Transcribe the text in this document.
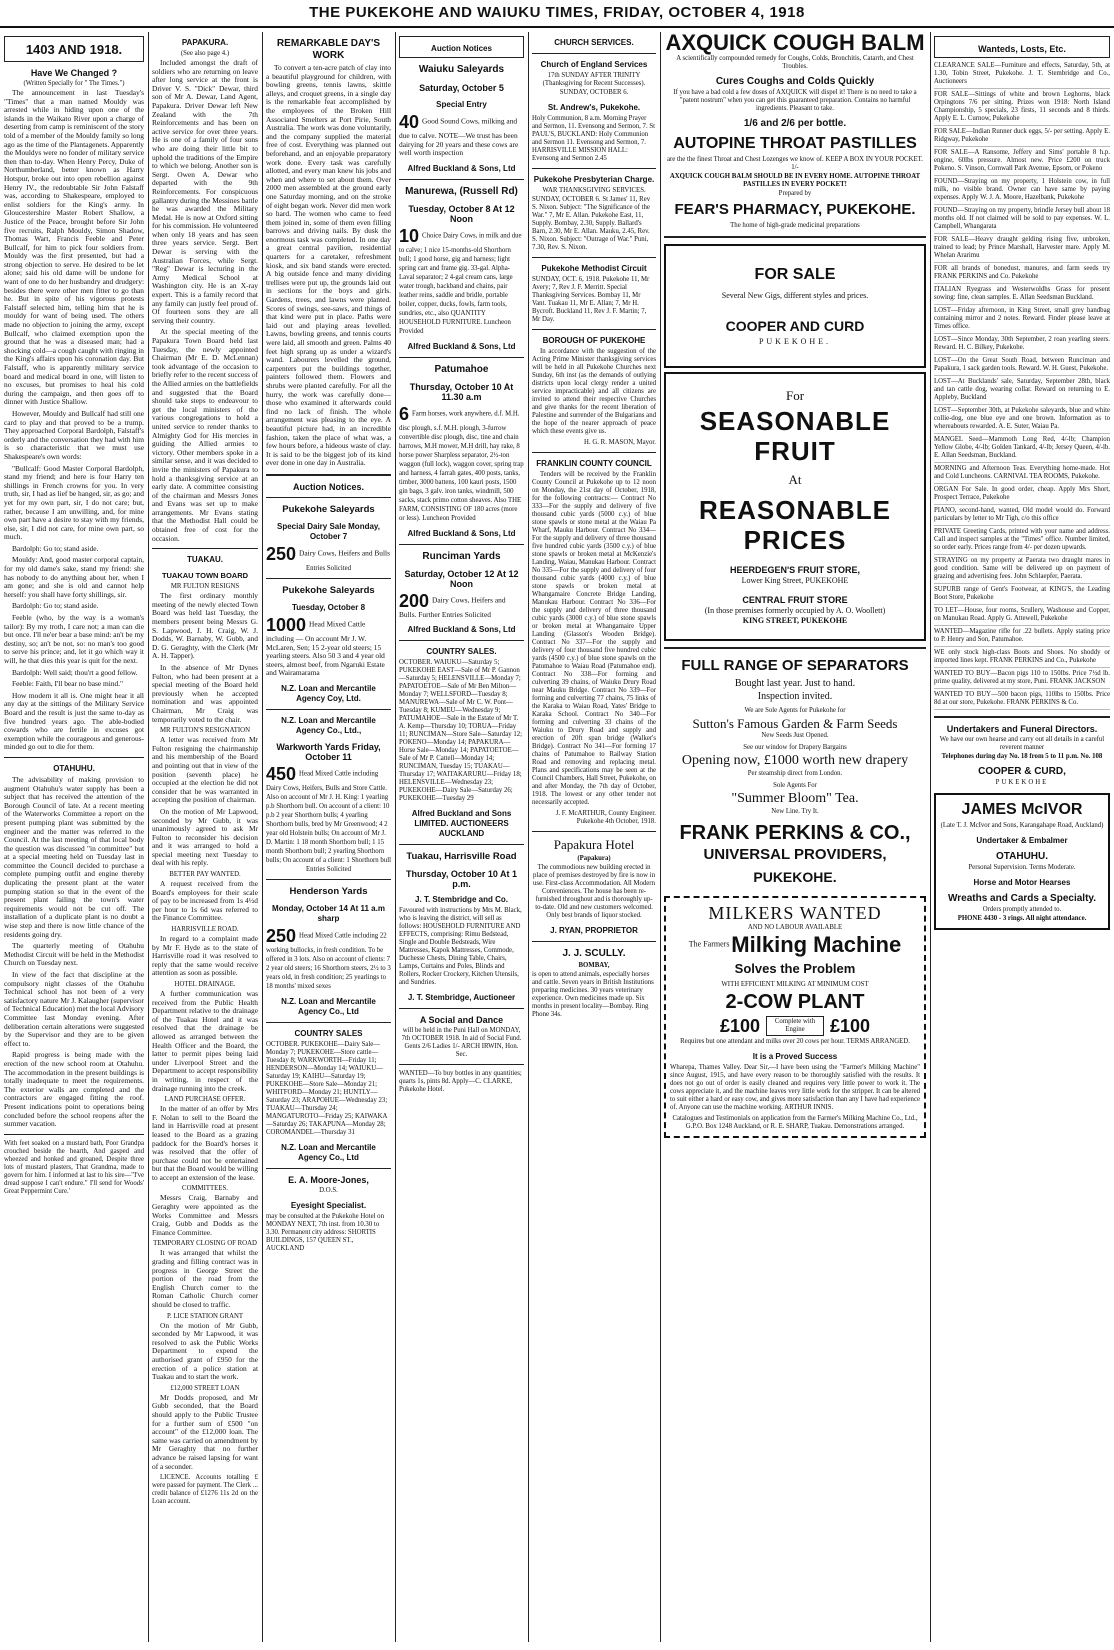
THE PUKEKOHE AND WAIUKU TIMES, FRIDAY, OCTOBER 4, 1918
1403 AND 1918.
Have We Changed ?
(Written Specially for " The Times.")
The announcement in last Tuesday's "Times" that a man named Mouldy was arrested while in hiding upon one of the islands in the Waikato River upon a charge of deserting from camp is reminiscent of the story told of a member of the Mouldy family so long ago as the time of the Plantagenets. Apparently the Mouldys were no fonder of military service then than to-day. When Henry Percy, Duke of Northumberland, better known as Harry Hotspur, broke out into open rebellion against Henry IV., the redoubtable Sir John Falstaff was, according to Shakespeare, employed to enlist soldiers for the King's army. In Gloucestershire Master Robert Shallow, a Justice of the Peace, brought before Sir John five recruits, Ralph Mouldy, Simon Shadow, Thomas Wart, Francis Feeble and Peter Bullcalf, for him to pick four soldiers from. Mouldy was the first presented, but had a strong objection to serve. He desired to be let alone; said his old dame will be undone for want of one to do her husbandry and drudgery: besides there were other men fitter to go than he. But in spite of his vigorous protests Falstaff selected him, telling him that he is mouldy for want of being used. The others made no objection to joining the army, except Bullcalf, who claimed exemption upon the ground that he was a diseased man; had a shocking cold—a cough caught with ringing in the King's affairs upon his coronation day. But Falstaff, who is apparently military service board and medical board in one, will listen to no excuses, but promises to heal his cold during the campaign, and then goes off to dinner with Justice Shallow.
However, Mouldy and Bullcalf had still one card to play and that proved to be a trump. They approached Corporal Bardolph, Falstaff's orderly and the conversation they had with him is so characteristic that we must use Shakespeare's own words:
"Bullcalf: Good Master Corporal Bardolph, stand my friend; and here is four Harry ten shillings in French crowns for you. In very truth, sir, I had as lief be hanged, sir, as go; and yet for my own part, sir, I do not care; but, rather, because I am unwilling, and, for mine own part have a desire to stay with my friends, else, sir, I did not care, for mine own part, so much.
Bardolph: Go to; stand aside.
Mouldy: And, good master corporal captain, for my old dame's sake, stand my friend: she has nobody to do anything about her, when I am gone; and she is old and cannot help herself: you shall have forty shillings, sir.
Bardolph: Go to; stand aside.
Feeble (who, by the way is a woman's tailor): By my troth, I care not; a man can die but once. I'll ne'er bear a base mind: an't be my destiny, so; an't be not, so: no man's too good to serve his prince; and, let it go which way it will, he that dies this year is quit for the next.
Bardolph: Well said; thou'rt a good fellow.
Feeble: Faith, I'll bear no base mind."
How modern it all is. One might hear it all any day at the sittings of the Military Service Board and the result is just the same to-day as five hundred years ago. The able-bodied cowards who are fertile in excuses got exemption while the courageous and generous-minded go out to die for them.
OTAHUHU.
The advisability of making provision to augment Otahuhu's water supply has been a subject that has received the attention of the Borough Council of late. At a recent meeting of the Waterworks Committee a report on the present pumping plant was submitted by the engineer and the matter was referred to the Council. At the last meeting of that local body the question was discussed "in committee" but at a special meeting held on Tuesday last in committee the Council decided to purchase a complete pumping outfit and engine thereby duplicating the present plant at the water pumping station so that in the event of the present plant failing the town's water requirements would not be cut off. The installation of a duplicate plant is no doubt a wise step and there is now little chance of the residents going dry.
The quarterly meeting of Otahuhu Methodist Circuit will be held in the Methodist Church on Tuesday next.
In view of the fact that discipline at the compulsory night classes of the Otahuhu Technical school has not been of a very satisfactory nature Mr J. Kalaugher (supervisor of Technical Education) met the local Advisory Committee last Monday evening. After deliberation certain alterations were suggested by the Supervisor and they are to be given effect to.
Rapid progress is being made with the erection of the new school room at Otahuhu. The accommodation in the present buildings is totally inadequate to meet the requirements. The exterior walls are completed and the contractors are engaged fitting the roof. Present indications point to operations being concluded before the school reopens after the summer vacation.
With feet soaked on a mustard bath, Poor Grandpa crouched beside the hearth, And gasped and wheezed and honked and groaned, Despite three lots of mustard plasters, That Grandma, made to govern for him. I informed at last to his sire—"I've dread suppose I can't endure." I'll send for Woods' Great Peppermint Cure.'
PAPAKURA.
(See also page 4.)
Included amongst the draft of soldiers who are returning on leave after long service at the front is Driver V. S. "Dick" Dewar, third son of Mr A. Dewar, Land Agent, Papakura. Driver Dewar left New Zealand with the 7th Reinforcements and has been on active service for over three years. He is one of a family of four sons who are doing their little bit to uphold the traditions of the Empire to which we belong. Another son is Sergt. Owen A. Dewar who departed with the 9th Reinforcements. For conspicuous gallantry during the Messines battle he was awarded the Military Medal. He is now at Oxford sitting for his commission. He volunteered when only 18 years and has seen three years service. Sergt. Bert Dewar is serving with the Australian Forces, while Sergt. "Reg" Dewar is lecturing in the Army Medical School at Washington city. He is an X-ray expert. This is a family record that any family can justly feel proud of. Of fourteen sons they are all serving their country.
At the special meeting of the Papakura Town Board held last Tuesday, the newly appointed Chairman (Mr E. D. McLennan) took advantage of the occasion to briefly refer to the recent success of the Allied armies on the battlefields and suggested that the Board should take steps to endeavour to get the local ministers of the various congregations to hold a united service to render thanks to Almighty God for His mercies in guiding the Allied armies to victory. Other members spoke in a similar sense, and it was decided to invite the ministers of Papakura to hold a thanksgiving service at an early date. A committee consisting of the chairman and Messrs Jones and Evans was set up to make arrangements. Mr Evans stating that the Methodist Hall could be obtained free of cost for the occasion.
TUAKAU.
TUAKAU TOWN BOARD
MR FULTON RESIGNS
The first ordinary monthly meeting of the newly elected Town Board was held last Tuesday, the members present being Messrs G. S. Lapwood, J. H. Craig, W. J. Dodds, W. Barnaby, W. Gubb, and D. G. Geraghty, with the Clerk (Mr A. H. Tapper).
In the absence of Mr Dynes Fulton, who had been present at a special meeting of the Board held previously when he accepted nomination and was appointed Chairman, Mr Craig was temporarily voted to the chair.
MR FULTON'S RESIGNATION
A letter was received from Mr Fulton resigning the chairmanship and his membership of the Board and pointing out that in view of the position (seventh place) he occupied at the election he did not consider that he was warranted in accepting the position of chairman.
On the motion of Mr Lapwood, seconded by Mr Gubb, it was unanimously agreed to ask Mr Fulton to reconsider his decision and it was arranged to hold a special meeting next Tuesday to deal with his reply.
BETTER PAY WANTED.
A request received from the Board's employees for their scale of pay to be increased from 1s 4½d per hour to 1s 6d was referred to the Finance Committee.
HARRISVILLE ROAD.
In regard to a complaint made by Mr F. Hyde as to the state of Harrisville road it was resolved to reply that the same would receive attention as soon as possible.
HOTEL DRAINAGE.
A further communication was received from the Public Health Department relative to the drainage of the Tuakau Hotel and it was resolved that the drainage be allowed as arranged between the Health Officer and the Board, the latter to permit pipes being laid under Liverpool Street and the Department to accept responsibility in writing, in respect of the drainage running into the creek.
LAND PURCHASE OFFER.
In the matter of an offer by Mrs F. Nolan to sell to the Board the land in Harrisville road at present leased to the Board as a grazing paddock for the Board's horses it was resolved that the offer of purchase could not be entertained but that the Board would be willing to accept an extension of the lease.
COMMITTEES.
Messrs Craig, Barnaby and Geraghty were appointed as the Works Committee and Messrs Craig, Gubb and Dodds as the Finance Committee.
TEMPORARY CLOSING OF ROAD
It was arranged that whilst the grading and filling contract was in progress in George Street the portion of the road from the English Church corner to the Roman Catholic Church corner should be closed to traffic.
P. LICE STATION GRANT
On the motion of Mr Gubb, seconded by Mr Lapwood, it was resolved to ask the Public Works Department to expend the authorised grant of £950 for the erection of a police station at Tuakau and to start the work.
£12,000 STREET LOAN
Mr Dodds proposed, and Mr Gubb seconded, that the Board should apply to the Public Trustee for a further sum of £500 "on account" of the £12,000 loan. The same was carried on amendment by Mr Geraghty that no further advance be raised lapsing for want of a seconder.
LICENCE. Accounts totalling £ were passed for payment. The Clerk ... credit balance of £1276 11s 2d on the Loan account.
REMARKABLE DAY'S WORK
To convert a ten-acre patch of clay into a beautiful playground for children, with bowling greens, tennis lawns, skittle alleys, and croquet greens, in a single day is the remarkable feat accomplished by the employees of the Broken Hill Associated Smelters at Port Pirie, South Australia. The work was done voluntarily, and the company supplied the material free of cost. Everything was planned out beforehand, and an enjoyable preparatory work done. Every task was carefully allotted, and every man knew his jobs and when and where to set about them. Over 2000 men assembled at the ground early one Saturday morning, and on the stroke of eight began work. Never did men work so hard. The women who came to feed them joined in, some of them even filling barrows and driving nails. By dusk the enormous task was completed. In one day a great central pavilion, residential quarters for a caretaker, refreshment kiosk, and six band stands were erected. A big outside fence and many dividing trellises were put up, the grounds laid out in sections for the boys and girls. Gardens, trees, and lawns were planted. Scores of swings, see-saws, and things of that kind were put in place. Paths were laid out and playing areas levelled. Lawns, bowling greens, and tennis courts were laid, all smooth and green. Palms 40 feet high sprang up as under a wizard's wand. Labourers levelled the ground, carpenters put the buildings together, painters followed them. Flowers and shrubs were planted carefully. For all the hurry, the work was carefully done—those who examined it afterwards could find no lack of finish. The whole arrangement was pleasing to the eye. A beautiful picture had, in an incredible fashion, taken the place of what was, a few hours before, a hideous waste of clay. It is said to be the biggest job of its kind ever done in one day in Australia.
Auction Notices.
Pukekohe Saleyards
Special Dairy Sale Monday, October 7
250 Dairy Cows, Heifers and Bulls
Entries Solicited
Pukekohe Saleyards
Tuesday, October 8
1000 Head Mixed Cattle including — On account Mr J. W. McLaren, Sen; 15 2-year old steers; 15 yearling steers. Also 50 3 and 4 year old steers, almost beef, from Ngaruki Estate and Wairamarama
N.Z. Loan and Mercantile Agency Coy, Ltd.
N.Z. Loan and Mercantile Agency Co., Ltd.,
Warkworth Yards Friday, October 11
450 Head Mixed Cattle including Dairy Cows, Heifers, Bulls and Store Cattle. Also on account of Mr J. H. King: 1 yearling p.b Shorthorn bull. On account of a client: 10 p.b 2 year Shorthorn bulls; 4 yearling Shorthorn bulls, bred by Mr Greenwood; 4 2 year old Holstein bulls; On account of Mr J. D. Martin: 1 18 month Shorthorn bull; 1 15 month Shorthorn bull; 2 yearling Shorthorn bulls; On account of a client: 1 Shorthorn bull
Entries Solicited
Henderson Yards
Monday, October 14 At 11 a.m sharp
250 Head Mixed Cattle including 22 working bullocks, in fresh condition. To be offered in 3 lots. Also on account of clients: 7 2 year old steers; 16 Shorthorn steers, 2½ to 3 years old, in fresh condition; 25 yearlings to 18 months' mixed sexes
N.Z. Loan and Mercantile Agency Co., Ltd
COUNTRY SALES
OCTOBER. PUKEKOHE—Dairy Sale—Monday 7; PUKEKOHE—Store cattle—Tuesday 8; WARKWORTH—Friday 11; HENDERSON—Monday 14; WAIUKU—Saturday 19; KAIHU—Saturday 19; PUKEKOHE—Store Sale—Monday 21; WHITFORD—Monday 21; HUNTLY—Saturday 23; ARAPOHUE—Wednesday 23; TUAKAU—Thursday 24; MANGATUROTO—Friday 25; KAIWAKA—Saturday 26; TAKAPUNA—Monday 28; COROMANDEL—Thursday 31
N.Z. Loan and Mercantile Agency Co., Ltd
E. A. Moore-Jones,
D.O.S.
Eyesight Specialist.
may be consulted at the Pukekohe Hotel on MONDAY NEXT, 7th inst. from 10.30 to 3.30. Permanent city address: SHORTIS BUILDINGS, 157 QUEEN ST., AUCKLAND
Auction Notices
Waiuku Saleyards
Saturday, October 5
Special Entry
40 Good Sound Cows, milking and due to calve. NOTE—We trust has been dairying for 20 years and these cows are well worth inspection
Alfred Buckland & Sons, Ltd
Manurewa, (Russell Rd)
Tuesday, October 8 At 12 Noon
10 Choice Dairy Cows, in milk and due to calve; 1 nice 15-months-old Shorthorn bull; 1 good horse, gig and harness; light spring cart and frame gig. 33-gal. Alpha-Laval separator; 2 4-gal cream cans, large water trough, backband and chains, pair leather reins, saddle and bridle, portable boiler, copper, ducks, fowls, farm tools, sundries, etc., also QUANTITY HOUSEHOLD FURNITURE. Luncheon Provided
Alfred Buckland & Sons, Ltd
Patumahoe
Thursday, October 10 At 11.30 a.m
6 Farm horses, work anywhere, d.f. M.H. disc plough, s.f. M.H. plough, 3-furrow convertible disc plough, disc, tine and chain harrows, M.H mower, M.H drill, hay rake, 8 horse power Sharpless separator, 2½-ton waggon (full lock), waggon cover, spring trap and harness, 4 farrah gates, 400 posts, tanks, timber, 3000 battens, 100 kauri posts, 1500 gin bags, 3 galv. iron tanks, windmill, 500 sacks, stack primo cotton sheaves. Also THE FARM, CONSISTING OF 180 acres (more or less). Luncheon Provided
Alfred Buckland & Sons, Ltd
Runciman Yards
Saturday, October 12 At 12 Noon
200 Dairy Cows, Heifers and Bulls. Further Entries Solicited
Alfred Buckland & Sons, Ltd
COUNTRY SALES.
OCTOBER. WAIUKU—Saturday 5; PUKEKOHE EAST—Sale of Mr P. Gannon—Saturday 5; HELENSVILLE—Monday 7; PAPATOETOE—Sale of Mr Ben Milton—Monday 7; WELLSFORD—Tuesday 8; MANUREWA—Sale of Mr C. W. Pont—Tuesday 8; KUMEU—Wednesday 9; PATUMAHOE—Sale in the Estate of Mr T. A. Kemp—Thursday 10; TORUA—Friday 11; RUNCIMAN—Store Sale—Saturday 12; POKENO—Monday 14; PAPAKURA—Horse Sale—Monday 14; PAPATOETOE—Sale of Mr P. Cattell—Monday 14; RUNCIMAN, Tuesday 15; TUAKAU—Thursday 17; WAITAKARURU—Friday 18; HELENSVILLE—Wednesday 23; PUKEKOHE—Dairy Sale—Saturday 26; PUKEKOHE—Tuesday 29
Alfred Buckland and Sons LIMITED. AUCTIONEERS AUCKLAND
Tuakau, Harrisville Road
Thursday, October 10 At 1 p.m.
J. T. Stembridge and Co.
Favoured with instructions by Mrs M. Black, who is leaving the district, will sell as follows: HOUSEHOLD FURNITURE AND EFFECTS, comprising: Rimu Bedstead, Single and Double Bedsteads, Wire Mattresses, Kapok Mattresses, Commode, Duchesse Chests, Dining Table, Chairs, Lamps, Curtains and Poles, Blinds and Rollers, Rocker Crockery, Kitchen Utensils, and Sundries.
J. T. Stembridge, Auctioneer
A Social and Dance
will be held in the Puni Hall on MONDAY, 7th OCTOBER 1918. In aid of Social Fund. Gents 2/6 Ladies 1/- ARCH IRWIN, Hon. Sec.
WANTED—To buy bottles in any quantities; quarts 1s, pints 8d. Apply—C. CLARKE, Pukekohe Hotel.
CHURCH SERVICES.
Church of England Services
17th SUNDAY AFTER TRINITY (Thanksgiving for Recent Successes).
SUNDAY, OCTOBER 6.
St. Andrew's, Pukekohe.
Holy Communion, 8 a.m. Morning Prayer and Sermon, 11. Evensong and Sermon, 7. St PAUL'S, BUCKLAND: Holy Communion and Sermon 11. Evensong and Sermon, 7. HARRISVILLE MISSION HALL: Evensong and Sermon 2.45
Pukekohe Presbyterian Charge.
WAR THANKSGIVING SERVICES.
SUNDAY, OCTOBER 6. St James' 11, Rev S. Nixon. Subject: "The Significance of the War." 7, Mr E. Allan. Pukekohe East, 11, Supply. Bombay, 2.30, Supply. Ballard's Barn, 2.30, Mr E. Allan. Mauku, 2.45, Rev. S. Nixon. Subject: "Outrage of War." Puni, 7.30, Rev. S. Nixon.
Pukekohe Methodist Circuit
SUNDAY, OCT. 6, 1918. Pukekohe 11, Mr Avery; 7, Rev J. F. Merritt. Special Thanksgiving Services. Bombay 11, Mr Vant. Tuakau 11, Mr E. Allan; 7, Mr H. Bycroft. Buckland 11, Rev J. F. Martin; 7, Mr Day.
BOROUGH OF PUKEKOHE
In accordance with the suggestion of the Acting Prime Minister thanksgiving services will be held in all Pukekohe Churches next Sunday, 6th inst (as the demands of outlying districts upon local clergy render a united service impracticable) and all citizens are invited to attend their respective Churches and give thanks for the recent liberation of Palestine and surrender of the Bulgarians and the hope of the nearer approach of peace which these events give us.
H. G. R. MASON, Mayor.
FRANKLIN COUNTY COUNCIL
Tenders will be received by the Franklin County Council at Pukekohe up to 12 noon on Monday, the 21st day of October, 1918, for the following contracts:— Contract No 333—For the supply and delivery of five thousand cubic yards (5000 c.y.) of blue stone spawls or stone metal at the Waiau Pa Wharf, Mauku Harbour. Contract No 334—For the supply and delivery of three thousand five hundred cubic yards (3500 c.y.) of blue stone spawls or broken metal at McKenzie's Landing, Waiau, Manukau Harbour. Contract No 335—For the supply and delivery of four thousand cubic yards (4000 c.y.) of blue stone spawls or broken metal at Whangamaire Concrete Bridge Landing, Manukau Harbour. Contract No 336—For the supply and delivery of three thousand cubic yards (3000 c.y.) of blue stone spawls or broken metal at Whangamaire Upper Landing (Glasson's Wooden Bridge). Contract No 337—For the supply and delivery of four thousand five hundred cubic yards (4500 c.y.) of blue stone spawls on the Patumahoe to Waiau Road (Patumahoe end). Contract No 338—For forming and culverting 39 chains, of Waiuku Drury Road near Mauku Bridge. Contract No 339—For forming and culverting 77 chains, 75 links of the Karaka to Waiau Road, Yates' Bridge to Karaka School. Contract No 340—For forming and culverting 33 chains of the Waiuku to Drury Road and supply and erection of 20ft span bridge (Walker's Bridge). Contract No 341—For forming 17 chains of Patumahoe to Railway Station Road and removing and replacing metal. Plans and specifications may be seen at the Council Chambers, Hall Street, Pukekohe, on and after Monday, the 7th day of October, 1918. The lowest or any other tender not necessarily accepted.
J. F. McARTHUR, County Engineer. Pukekohe 4th October, 1918.
Papakura Hotel
(Papakura)
The commodious new building erected in place of premises destroyed by fire is now in use. First-class Accommodation. All Modern Conveniences. The house has been re-furnished throughout and is thoroughly up-to-date. Old and new customers welcomed. Only best brands of liquor stocked.
J. RYAN, PROPRIETOR
J. J. SCULLY.
BOMBAY,
is open to attend animals, especially horses and cattle. Seven years in British Institutions preparing medicines. 30 years veterinary experience. Own medicines made up. Six months in present locality—Bombay. Ring Phone 34s.
AXQUICK COUGH BALM
A scientifically compounded remedy for Coughs, Colds, Bronchitis, Catarrh, and Chest Troubles.
Cures Coughs and Colds Quickly
If you have a bad cold a few doses of AXQUICK will dispel it! There is no need to take a "patent nostrum" when you can get this guaranteed preparation. Contains no harmful ingredients. Pleasant to take.
1/6 and 2/6 per bottle.
AUTOPINE THROAT PASTILLES
are the the finest Throat and Chest Lozenges we know of. KEEP A BOX IN YOUR POCKET. 1/-
AXQUICK COUGH BALM SHOULD BE IN EVERY HOME. AUTOPINE THROAT PASTILLES IN EVERY POCKET!
Prepared by
FEAR'S PHARMACY, PUKEKOHE.
The home of high-grade medicinal preparations
FOR SALE
Several New Gigs, different styles and prices.
COOPER AND CURD
PUKEKOHE.
For
SEASONABLE
FRUIT
At
REASONABLE
PRICES
HEERDEGEN'S FRUIT STORE,
Lower King Street, PUKEKOHE
CENTRAL FRUIT STORE
(In those premises formerly occupied by A. O. Woollett)
KING STREET, PUKEKOHE
FULL RANGE OF SEPARATORS
Bought last year. Just to hand.
Inspection invited.
We are Sole Agents for Pukekohe for
Sutton's Famous Garden & Farm Seeds
New Seeds Just Opened.
See our window for Drapery Bargains
Opening now, £1000 worth new drapery
Per steamship direct from London.
Sole Agents For
"Summer Bloom" Tea.
New Line. Try It.
FRANK PERKINS & CO.,
UNIVERSAL PROVIDERS,
PUKEKOHE.
MILKERS WANTED
AND NO LABOUR AVAILABLE
The Farmers Milking Machine
Solves the Problem
WITH EFFICIENT MILKING AT MINIMUM COST
2-COW PLANT
£100	Complete with Engine	£100
Requires but one attendant and milks over 20 cows per hour. TERMS ARRANGED.
It is a Proved Success
Wharepa, Thames Valley. Dear Sir,—I have been using the "Farmer's Milking Machine" since August, 1915, and have every reason to be thoroughly satisfied with the results. It does not go out of order is easily cleaned and requires very little power to work it. The cows appreciate it, and the machine leaves very little work for the stripper. It can be altered to suit either a hard or easy cow, and gives more satisfaction than any I have had experience of. Anyone can use the machine working. ARTHUR INNIS.
Catalogues and Testimonials on application from the Farmer's Milking Machine Co., Ltd., G.P.O. Box 1248 Auckland, or R. E. SHARP, Tuakau. Demonstrations arranged.
Wanteds, Losts, Etc.
CLEARANCE SALE—Furniture and effects, Saturday, 5th, at 1.30, Tobin Street, Pukekohe. J. T. Stembridge and Co., Auctioneers
FOR SALE—Sittings of white and brown Leghorns, black Orpingtons 7/6 per sitting. Prizes won 1918: North Island Championship, 5 specials, 23 firsts, 11 seconds and 8 thirds. Apply E. L. Curnow, Pukekohe
FOR SALE—Indian Runner duck eggs, 5/- per setting. Apply E. Ridgway, Pukekohe
FOR SALE—A Ransome, Jeffery and Sims' portable 8 h.p. engine, 60lbs pressure. Almost new. Price £200 on truck Pokeno. S. Vinson, Cornwall Park Avenue, Epsom, or Pokeno
FOUND—Straying on my property, 1 Holstein cow, in full milk, no visible brand. Owner can have same by paying expenses. Apply W. J. A. Moore, Hazelbank, Pukekohe
FOUND—Straying on my property, brindle Jersey bull about 18 months old. If not claimed will be sold to pay expenses. W. L. Campbell, Whangarata
FOR SALE—Heavy draught gelding rising five, unbroken, trained to lead; by Prince Marshall, Harvester mare. Apply M. Whelan Ararimu
FOR all brands of bonedust, manures, and farm seeds try FRANK PERKINS and Co. Pukekohe
ITALIAN Ryegrass and Westerwoldhs Grass for present sowing: fine, clean samples. E. Allan Seedsman Buckland.
LOST—Friday afternoon, in King Street, small grey handbag containing mirror and 2 notes. Reward. Finder please leave at Times office.
LOST—Since Monday, 30th September, 2 roan yearling steers. Reward. H. C. Bilkey, Pukekohe.
LOST—On the Great South Road, between Runciman and Papakura, 1 sack garden tools. Reward. W. H. Guest, Pukekohe.
LOST—At Bucklands' sale, Saturday, September 28th, black and tan cattle dog, wearing collar. Reward on returning to E. Appleby, Buckland
LOST—September 30th, at Pukekohe saleyards, blue and white collie-dog, one blue eye and one brown. Information as to whereabouts rewarded. A. E. Suter, Waiau Pa.
MANGEL Seed—Mammoth Long Red, 4/-lb; Champion Yellow Globe, 4/-lb; Golden Tankard, 4/-lb; Jersey Queen, 4/-lb. E. Allan Seedsman, Buckland.
MORNING and Afternoon Teas. Everything home-made. Hot and Cold Luncheons. CARNIVAL TEA ROOMS, Pukekohe.
ORGAN For Sale. In good order, cheap. Apply Mrs Short, Prospect Terrace, Pukekohe
PIANO, second-hand, wanted, Old model would do. Forward particulars by letter to Mr Tigh, c/o this office
PRIVATE Greeting Cards, printed with your name and address. Call and inspect samples at the "Times" office. Number limited, so order early. Prices range from 4/- per dozen upwards.
STRAYING on my property at Paerata two draught mares in good condition. Same will be delivered up on payment of grazing and advertising fees. John Schlaepfer, Paerata.
SUPURB range of Gent's Footwear, at KING'S, the Leading Boot Store, Pukekohe
TO LET—House, four rooms, Scullery, Washouse and Copper, on Manukau Road. Apply G. Attewell, Pukekohe
WANTED—Magazine rifle for .22 bullets. Apply stating price to P. Henry and Son, Patumahoe.
WE only stock high-class Boots and Shoes. No shoddy or imported lines kept. FRANK PERKINS and Co., Pukekohe
WANTED TO BUY—Bacon pigs 110 to 150lbs. Price 7½d lb. prime quality, delivered at my store, Puni. FRANK JACKSON
WANTED TO BUY—500 bacon pigs, 110lbs to 150lbs. Price 8d at our store, Pukekohe. FRANK PERKINS & Co.
Undertakers and Funeral Directors.
We have our own hearse and carry out all details in a careful reverent manner
Telephones during day No. 18 from 5 to 11 p.m. No. 108
COOPER & CURD,
PUKEKOHE
JAMES McIVOR
(Late T. J. McIvor and Sons, Karangahape Road, Auckland)
Undertaker & Embalmer
OTAHUHU.
Personal Supervision. Terms Moderate.
Horse and Motor Hearses
Wreaths and Cards a Specialty.
Orders promptly attended to.
PHONE 4430 - 3 rings. All night attendance.
